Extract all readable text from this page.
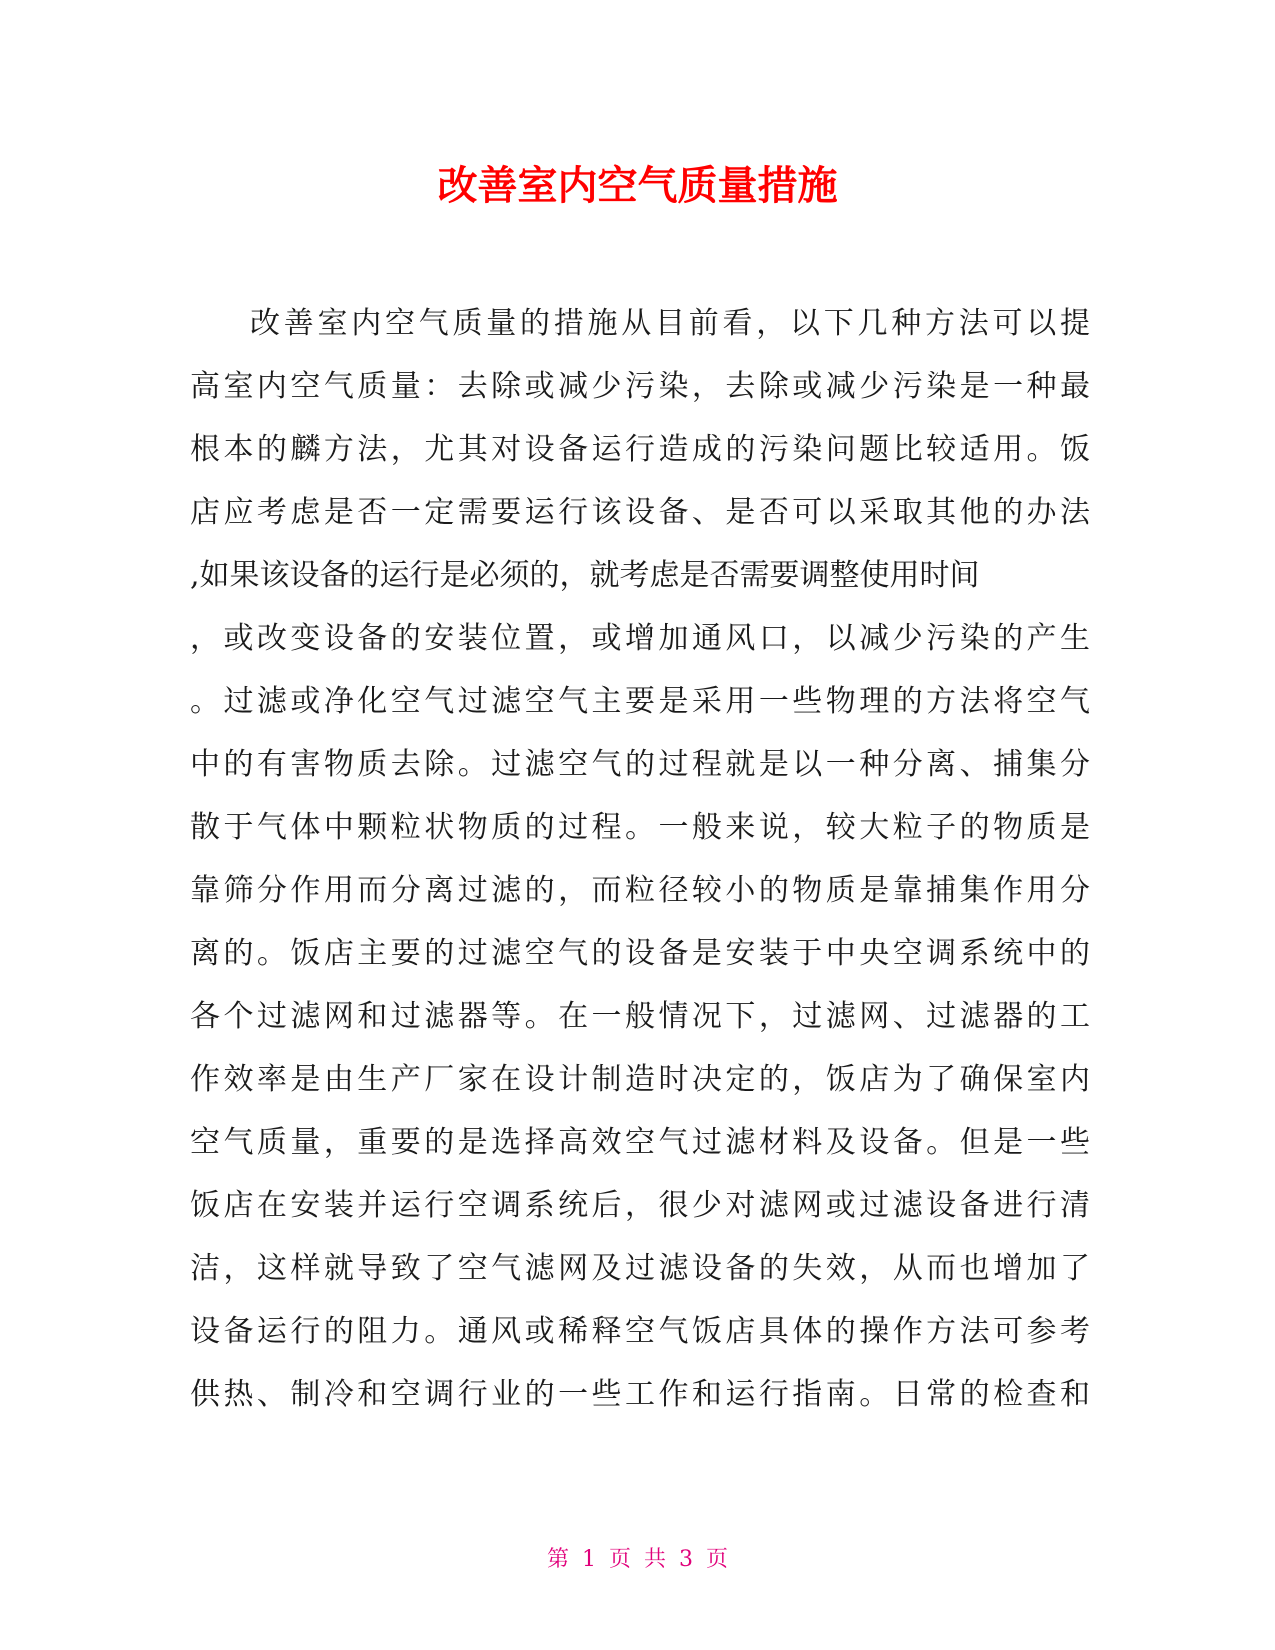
改善室内空气质量措施
改善室内空气质量的措施从目前看，以下几种方法可以提
高室内空气质量：去除或减少污染，去除或减少污染是一种最
根本的麟方法，尤其对设备运行造成的污染问题比较适用。饭
店应考虑是否一定需要运行该设备、是否可以采取其他的办法
,如果该设备的运行是必须的，就考虑是否需要调整使用时间
，或改变设备的安装位置，或增加通风口，以减少污染的产生
。过滤或净化空气过滤空气主要是采用一些物理的方法将空气
中的有害物质去除。过滤空气的过程就是以一种分离、捕集分
散于气体中颗粒状物质的过程。一般来说，较大粒子的物质是
靠筛分作用而分离过滤的，而粒径较小的物质是靠捕集作用分
离的。饭店主要的过滤空气的设备是安装于中央空调系统中的
各个过滤网和过滤器等。在一般情况下，过滤网、过滤器的工
作效率是由生产厂家在设计制造时决定的，饭店为了确保室内
空气质量，重要的是选择高效空气过滤材料及设备。但是一些
饭店在安装并运行空调系统后，很少对滤网或过滤设备进行清
洁，这样就导致了空气滤网及过滤设备的失效，从而也增加了
设备运行的阻力。通风或稀释空气饭店具体的操作方法可参考
供热、制冷和空调行业的一些工作和运行指南。日常的检查和
第 1 页 共 3 页
